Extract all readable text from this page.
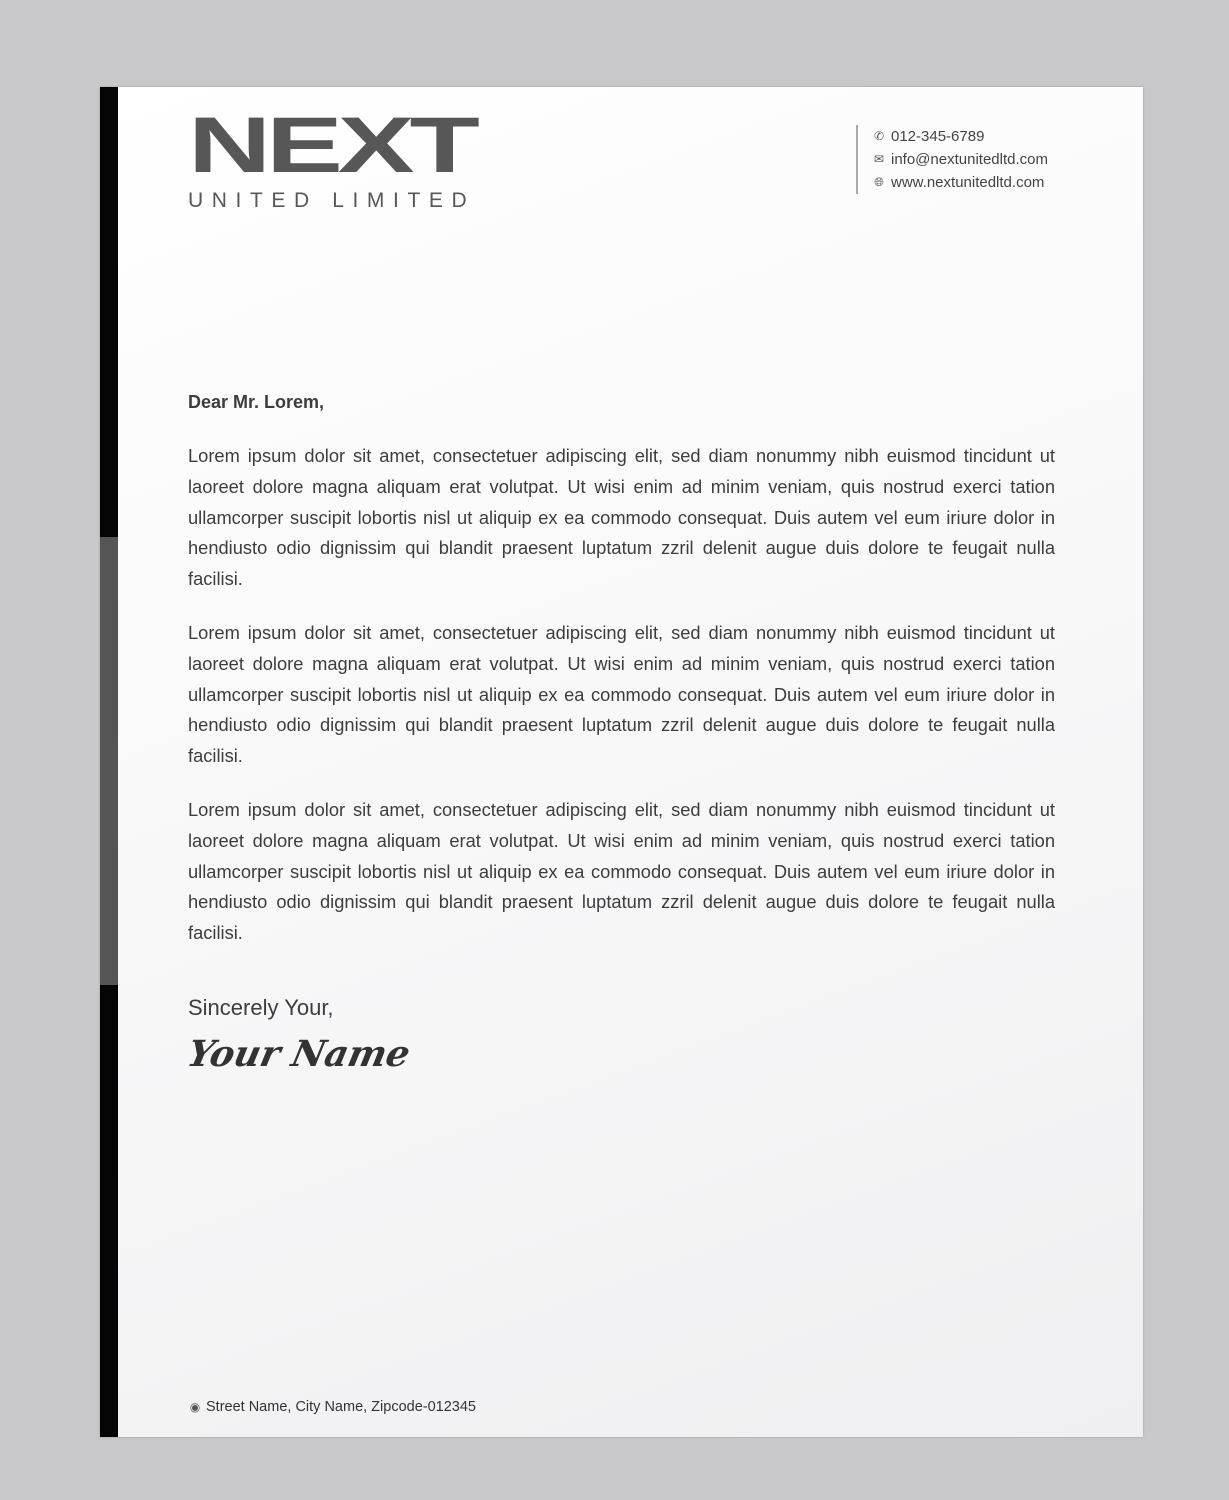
NEXT
UNITED LIMITED
✆ 012-345-6789
✉ info@nextunitedltd.com
🌐︎ www.nextunitedltd.com

Dear Mr. Lorem,

Lorem ipsum dolor sit amet, consectetuer adipiscing elit, sed diam nonummy nibh euismod tincidunt ut laoreet dolore magna aliquam erat volutpat. Ut wisi enim ad minim veniam, quis nostrud exerci tation ullamcorper suscipit lobortis nisl ut aliquip ex ea commodo consequat. Duis autem vel eum iriure dolor in hendiusto odio dignissim qui blandit praesent luptatum zzril delenit augue duis dolore te feugait nulla facilisi.

Lorem ipsum dolor sit amet, consectetuer adipiscing elit, sed diam nonummy nibh euismod tincidunt ut laoreet dolore magna aliquam erat volutpat. Ut wisi enim ad minim veniam, quis nostrud exerci tation ullamcorper suscipit lobortis nisl ut aliquip ex ea commodo consequat. Duis autem vel eum iriure dolor in hendiusto odio dignissim qui blandit praesent luptatum zzril delenit augue duis dolore te feugait nulla facilisi.

Lorem ipsum dolor sit amet, consectetuer adipiscing elit, sed diam nonummy nibh euismod tincidunt ut laoreet dolore magna aliquam erat volutpat. Ut wisi enim ad minim veniam, quis nostrud exerci tation ullamcorper suscipit lobortis nisl ut aliquip ex ea commodo consequat. Duis autem vel eum iriure dolor in hendiusto odio dignissim qui blandit praesent luptatum zzril delenit augue duis dolore te feugait nulla facilisi.

Sincerely Your,
Your Name
◉ Street Name, City Name, Zipcode-012345
